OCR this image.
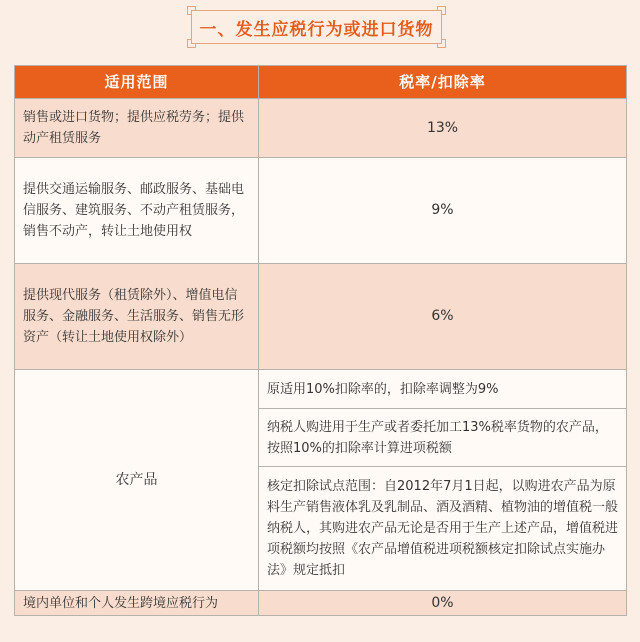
一、发生应税行为或进口货物
适用范围	税率/扣除率
销售或进口货物；提供应税劳务；提供动产租赁服务	13%
提供交通运输服务、邮政服务、基础电信服务、建筑服务、不动产租赁服务，销售不动产，转让土地使用权	9%
提供现代服务（租赁除外）、增值电信服务、金融服务、生活服务、销售无形资产（转让土地使用权除外）	6%
农产品	原适用10%扣除率的，扣除率调整为9%
	纳税人购进用于生产或者委托加工13%税率货物的农产品，按照10%的扣除率计算进项税额
	核定扣除试点范围：自2012年7月1日起，以购进农产品为原料生产销售液体乳及乳制品、酒及酒精、植物油的增值税一般纳税人，其购进农产品无论是否用于生产上述产品，增值税进项税额均按照《农产品增值税进项税额核定扣除试点实施办法》规定抵扣
境内单位和个人发生跨境应税行为	0%
